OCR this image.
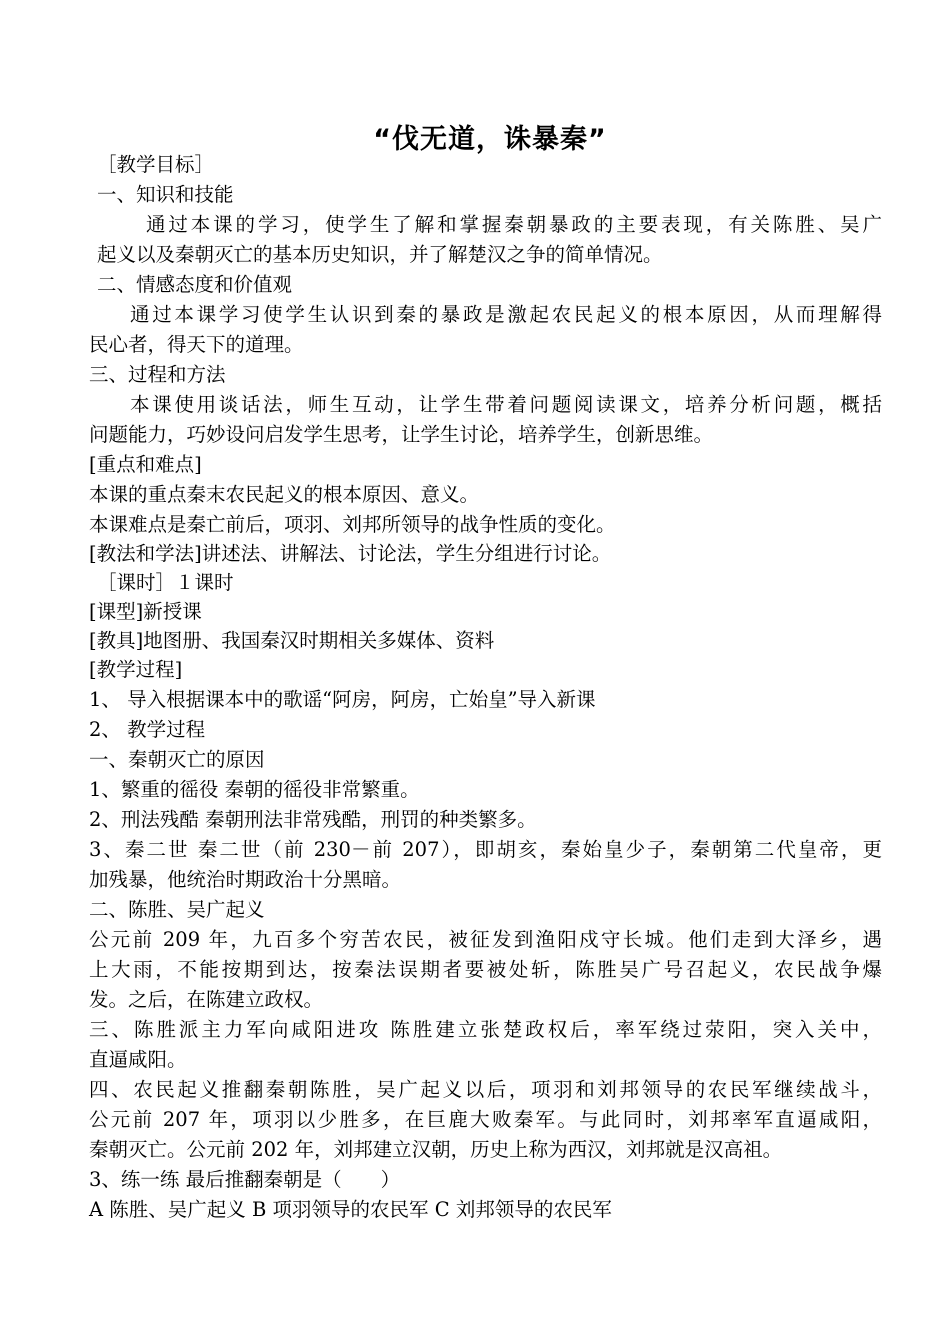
“伐无道，诛暴秦”
［教学目标］
一、知识和技能
通过本课的学习，使学生了解和掌握秦朝暴政的主要表现，有关陈胜、吴广
起义以及秦朝灭亡的基本历史知识，并了解楚汉之争的简单情况。
二、情感态度和价值观
通过本课学习使学生认识到秦的暴政是激起农民起义的根本原因，从而理解得
民心者，得天下的道理。
三、过程和方法
本课使用谈话法，师生互动，让学生带着问题阅读课文，培养分析问题，概括
问题能力，巧妙设问启发学生思考，让学生讨论，培养学生，创新思维。
[重点和难点]
本课的重点秦末农民起义的根本原因、意义。
本课难点是秦亡前后，项羽、刘邦所领导的战争性质的变化。
[教法和学法]讲述法、讲解法、讨论法，学生分组进行讨论。
［课时］１课时
[课型]新授课
[教具]地图册、我国秦汉时期相关多媒体、资料
[教学过程]
1、 导入根据课本中的歌谣“阿房，阿房，亡始皇”导入新课
2、 教学过程
一、秦朝灭亡的原因
1、繁重的徭役 秦朝的徭役非常繁重。
2、刑法残酷 秦朝刑法非常残酷，刑罚的种类繁多。
3、秦二世 秦二世（前 230－前 207），即胡亥，秦始皇少子，秦朝第二代皇帝，更
加残暴，他统治时期政治十分黑暗。
二、陈胜、吴广起义
公元前 209 年，九百多个穷苦农民，被征发到渔阳戍守长城。他们走到大泽乡，遇
上大雨，不能按期到达，按秦法误期者要被处斩，陈胜吴广号召起义，农民战争爆
发。之后，在陈建立政权。
三、陈胜派主力军向咸阳进攻 陈胜建立张楚政权后，率军绕过荥阳，突入关中，
直逼咸阳。
四、农民起义推翻秦朝陈胜，吴广起义以后，项羽和刘邦领导的农民军继续战斗，
公元前 207 年，项羽以少胜多，在巨鹿大败秦军。与此同时，刘邦率军直逼咸阳，
秦朝灭亡。公元前 202 年，刘邦建立汉朝，历史上称为西汉，刘邦就是汉高祖。
3、练一练 最后推翻秦朝是（　　）
A 陈胜、吴广起义 B 项羽领导的农民军 C 刘邦领导的农民军
